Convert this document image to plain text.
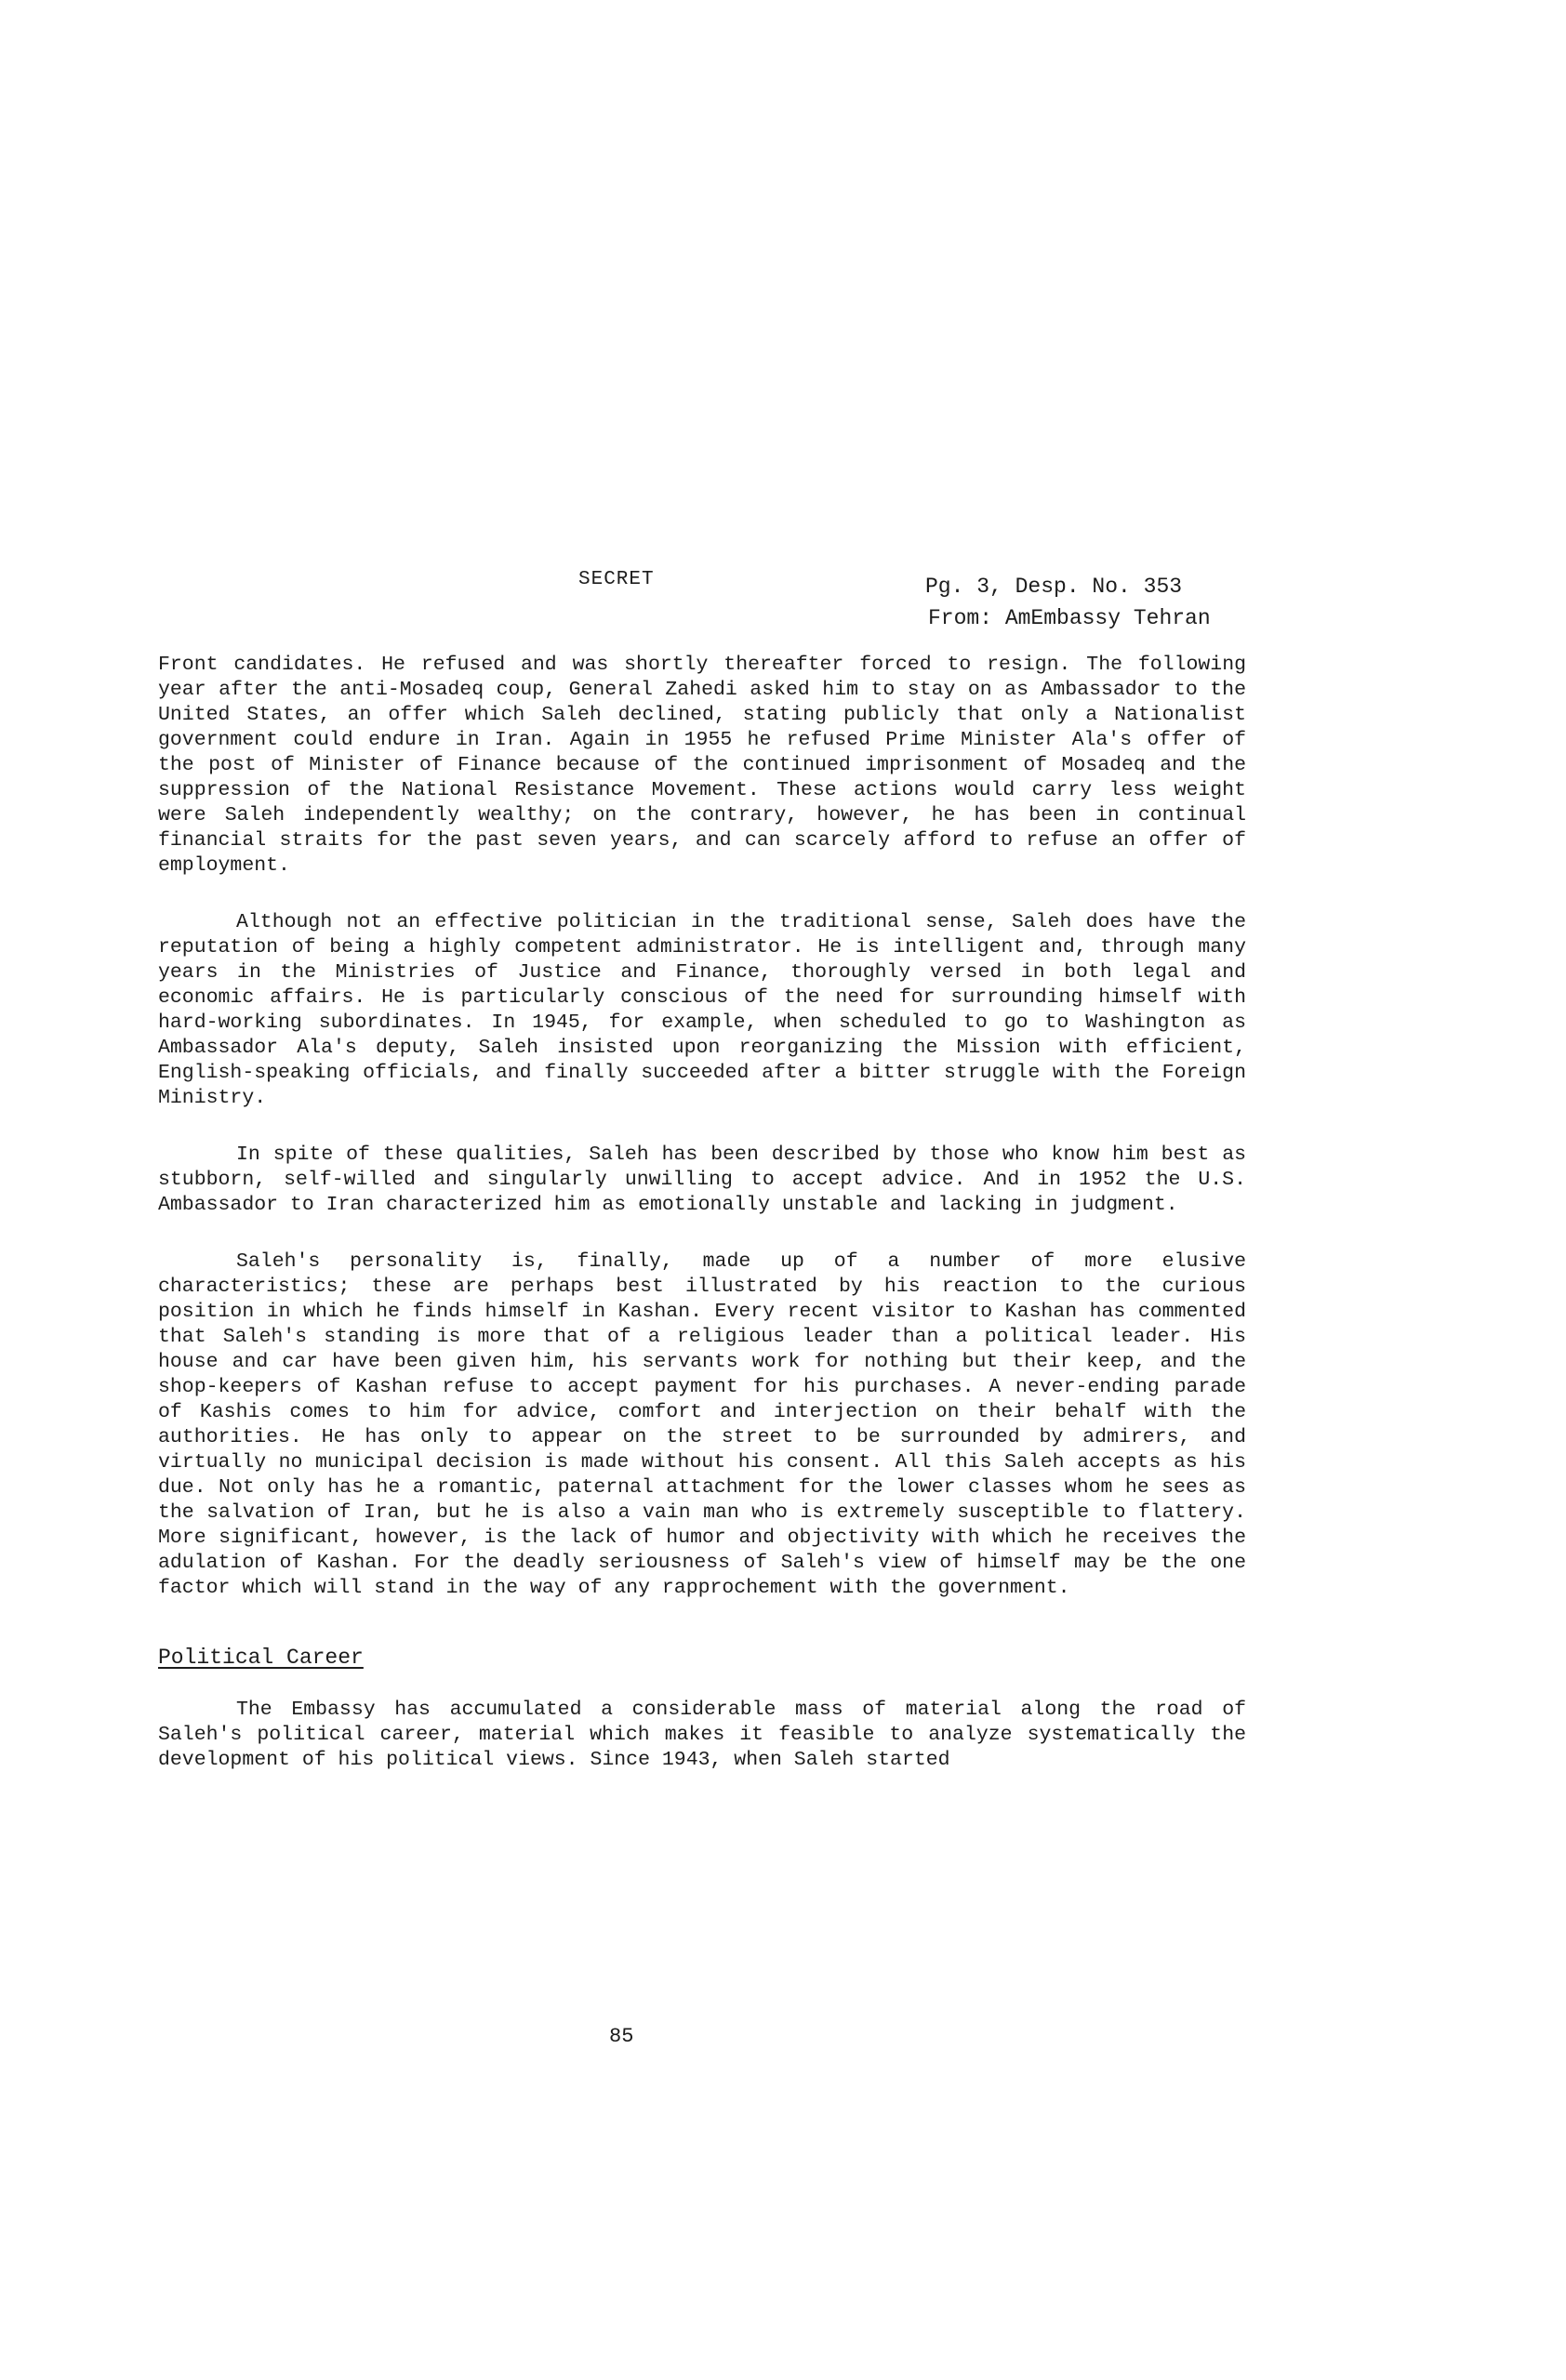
SECRET	Pg. 3, Desp. No. 353
From: AmEmbassy Tehran

Front candidates. He refused and was shortly thereafter forced to resign. The following year after the anti-Mosadeq coup, General Zahedi asked him to stay on as Ambassador to the United States, an offer which Saleh declined, stating publicly that only a Nationalist government could endure in Iran. Again in 1955 he refused Prime Minister Ala's offer of the post of Minister of Finance because of the continued imprisonment of Mosadeq and the suppression of the National Resistance Movement. These actions would carry less weight were Saleh independently wealthy; on the contrary, however, he has been in continual financial straits for the past seven years, and can scarcely afford to refuse an offer of employment.

Although not an effective politician in the traditional sense, Saleh does have the reputation of being a highly competent administrator. He is intelligent and, through many years in the Ministries of Justice and Finance, thoroughly versed in both legal and economic affairs. He is particularly conscious of the need for surrounding himself with hard-working subordinates. In 1945, for example, when scheduled to go to Washington as Ambassador Ala's deputy, Saleh insisted upon reorganizing the Mission with efficient, English-speaking officials, and finally succeeded after a bitter struggle with the Foreign Ministry.

In spite of these qualities, Saleh has been described by those who know him best as stubborn, self-willed and singularly unwilling to accept advice. And in 1952 the U.S. Ambassador to Iran characterized him as emotionally unstable and lacking in judgment.

Saleh's personality is, finally, made up of a number of more elusive characteristics; these are perhaps best illustrated by his reaction to the curious position in which he finds himself in Kashan. Every recent visitor to Kashan has commented that Saleh's standing is more that of a religious leader than a political leader. His house and car have been given him, his servants work for nothing but their keep, and the shop-keepers of Kashan refuse to accept payment for his purchases. A never-ending parade of Kashis comes to him for advice, comfort and interjection on their behalf with the authorities. He has only to appear on the street to be surrounded by admirers, and virtually no municipal decision is made without his consent. All this Saleh accepts as his due. Not only has he a romantic, paternal attachment for the lower classes whom he sees as the salvation of Iran, but he is also a vain man who is extremely susceptible to flattery. More significant, however, is the lack of humor and objectivity with which he receives the adulation of Kashan. For the deadly seriousness of Saleh's view of himself may be the one factor which will stand in the way of any rapprochement with the government.

Political Career

The Embassy has accumulated a considerable mass of material along the road of Saleh's political career, material which makes it feasible to analyze systematically the development of his political views. Since 1943, when Saleh started

85
